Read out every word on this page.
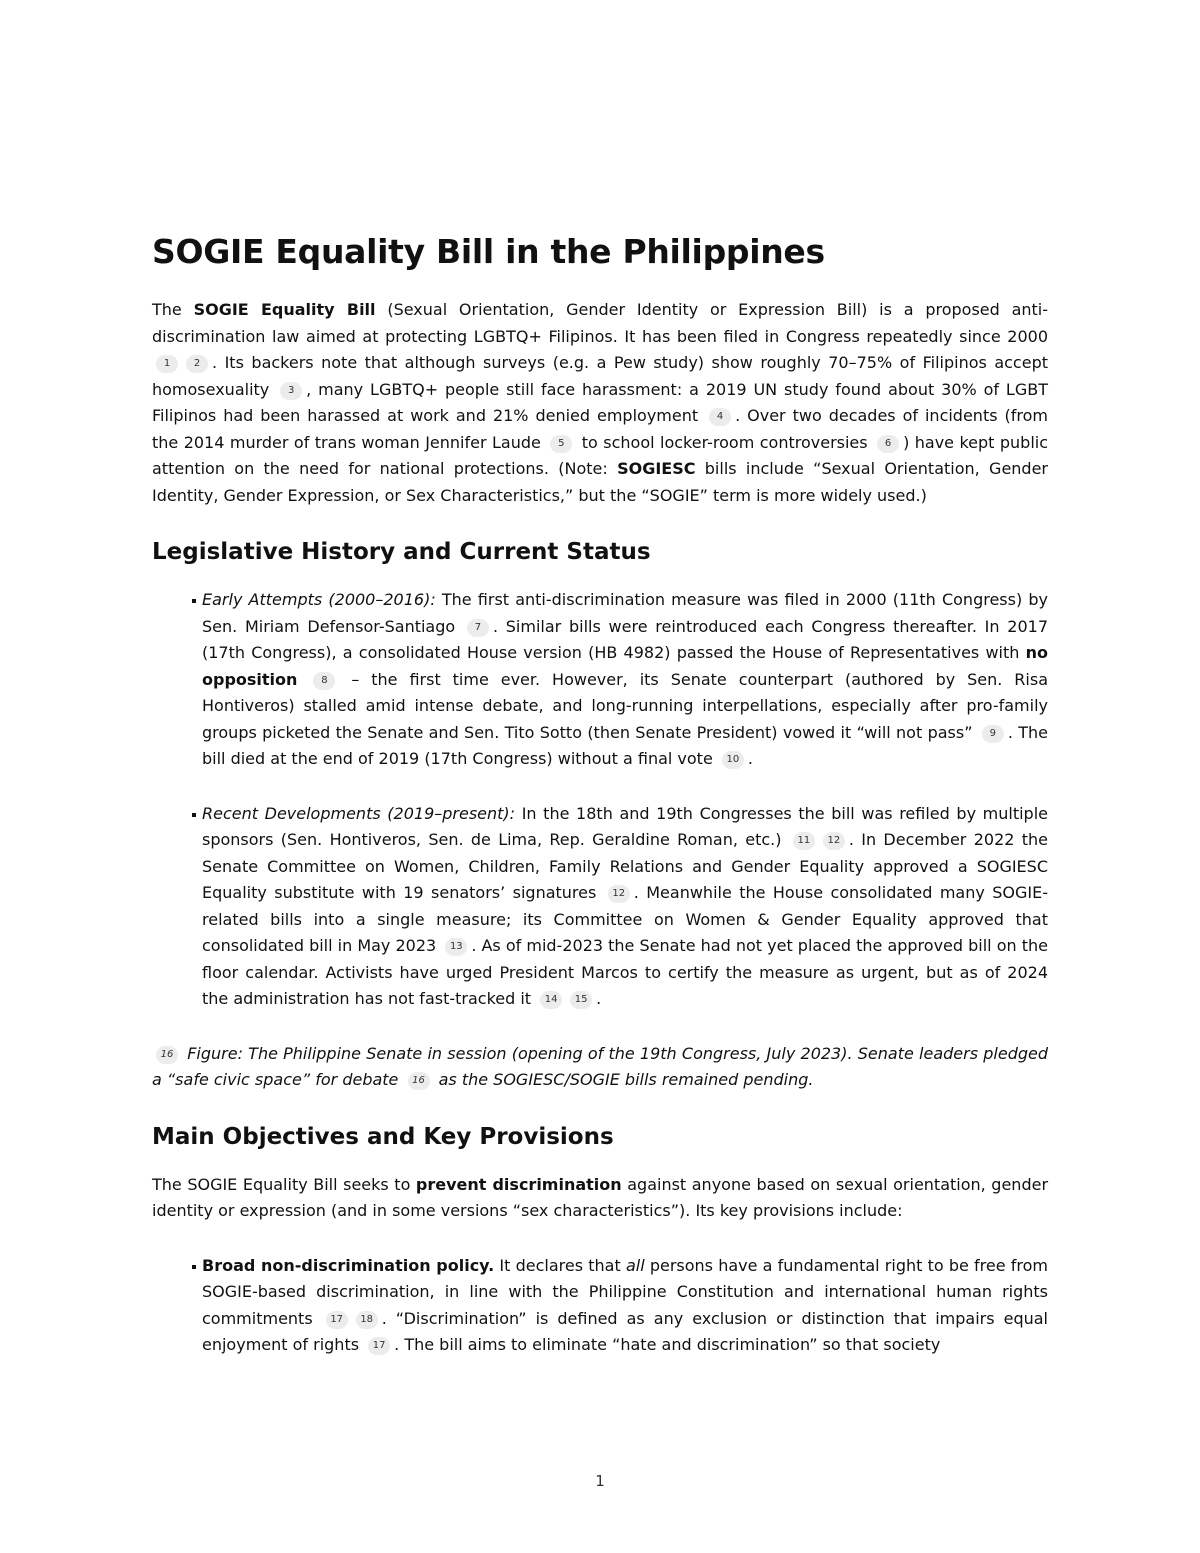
SOGIE Equality Bill in the Philippines

The SOGIE Equality Bill (Sexual Orientation, Gender Identity or Expression Bill) is a proposed anti-discrimination law aimed at protecting LGBTQ+ Filipinos. It has been filed in Congress repeatedly since 2000 1 2 . Its backers note that although surveys (e.g. a Pew study) show roughly 70–75% of Filipinos accept homosexuality 3 , many LGBTQ+ people still face harassment: a 2019 UN study found about 30% of LGBT Filipinos had been harassed at work and 21% denied employment 4 . Over two decades of incidents (from the 2014 murder of trans woman Jennifer Laude 5 to school locker-room controversies 6 ) have kept public attention on the need for national protections. (Note: SOGIESC bills include “Sexual Orientation, Gender Identity, Gender Expression, or Sex Characteristics,” but the “SOGIE” term is more widely used.)

Legislative History and Current Status
Early Attempts (2000–2016): The first anti-discrimination measure was filed in 2000 (11th Congress) by Sen. Miriam Defensor-Santiago 7 . Similar bills were reintroduced each Congress thereafter. In 2017 (17th Congress), a consolidated House version (HB 4982) passed the House of Representatives with no opposition 8 – the first time ever. However, its Senate counterpart (authored by Sen. Risa Hontiveros) stalled amid intense debate, and long-running interpellations, especially after pro-family groups picketed the Senate and Sen. Tito Sotto (then Senate President) vowed it “will not pass” 9 . The bill died at the end of 2019 (17th Congress) without a final vote 10 .
Recent Developments (2019–present): In the 18th and 19th Congresses the bill was refiled by multiple sponsors (Sen. Hontiveros, Sen. de Lima, Rep. Geraldine Roman, etc.) 11 12 . In December 2022 the Senate Committee on Women, Children, Family Relations and Gender Equality approved a SOGIESC Equality substitute with 19 senators’ signatures 12 . Meanwhile the House consolidated many SOGIE-related bills into a single measure; its Committee on Women & Gender Equality approved that consolidated bill in May 2023 13 . As of mid-2023 the Senate had not yet placed the approved bill on the floor calendar. Activists have urged President Marcos to certify the measure as urgent, but as of 2024 the administration has not fast-tracked it 14 15 .

16 Figure: The Philippine Senate in session (opening of the 19th Congress, July 2023). Senate leaders pledged a “safe civic space” for debate 16 as the SOGIESC/SOGIE bills remained pending.

Main Objectives and Key Provisions

The SOGIE Equality Bill seeks to prevent discrimination against anyone based on sexual orientation, gender identity or expression (and in some versions “sex characteristics”). Its key provisions include:

Broad non-discrimination policy. It declares that all persons have a fundamental right to be free from SOGIE-based discrimination, in line with the Philippine Constitution and international human rights commitments 17 18 . “Discrimination” is defined as any exclusion or distinction that impairs equal enjoyment of rights 17 . The bill aims to eliminate “hate and discrimination” so that society
1
